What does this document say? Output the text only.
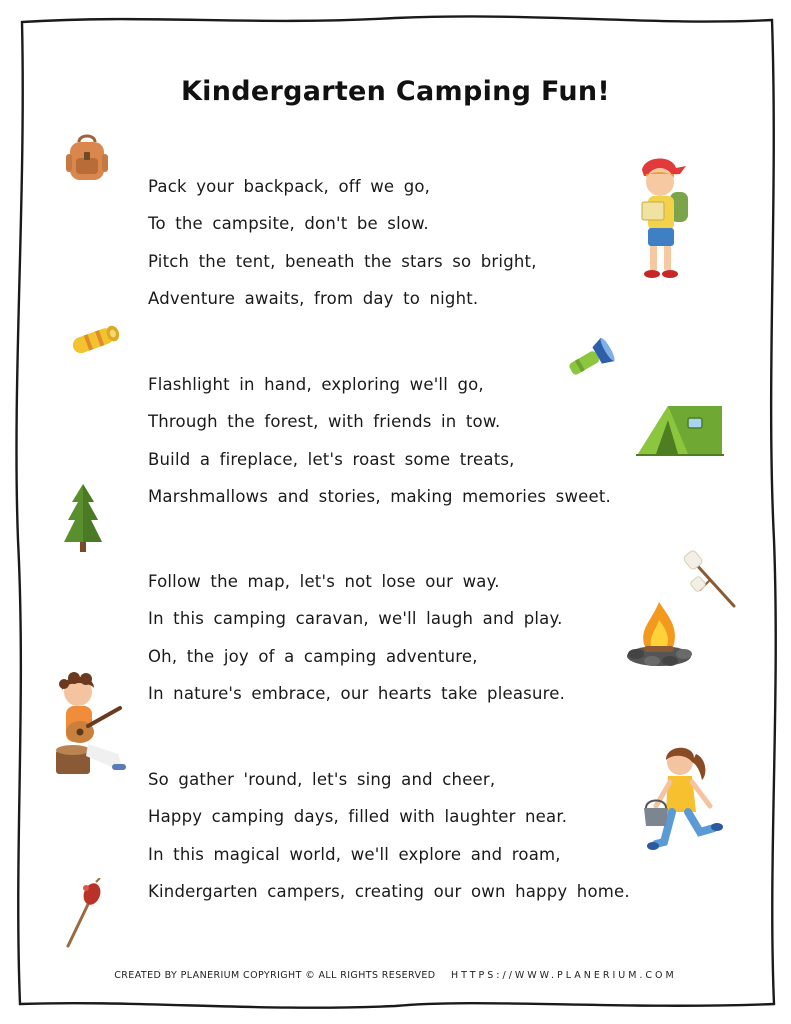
Kindergarten Camping Fun!
Pack your backpack, off we go,
To the campsite, don't be slow.
Pitch the tent, beneath the stars so bright,
Adventure awaits, from day to night.
Flashlight in hand, exploring we'll go,
Through the forest, with friends in tow.
Build a fireplace, let's roast some treats,
Marshmallows and stories, making memories sweet.
Follow the map, let's not lose our way.
In this camping caravan, we'll laugh and play.
Oh, the joy of a camping adventure,
In nature's embrace, our hearts take pleasure.
So gather 'round, let's sing and cheer,
Happy camping days, filled with laughter near.
In this magical world, we'll explore and roam,
Kindergarten campers, creating our own happy home.
CREATED BY PLANERIUM COPYRIGHT © ALL RIGHTS RESERVED HTTPS://WWW.PLANERIUM.COM
